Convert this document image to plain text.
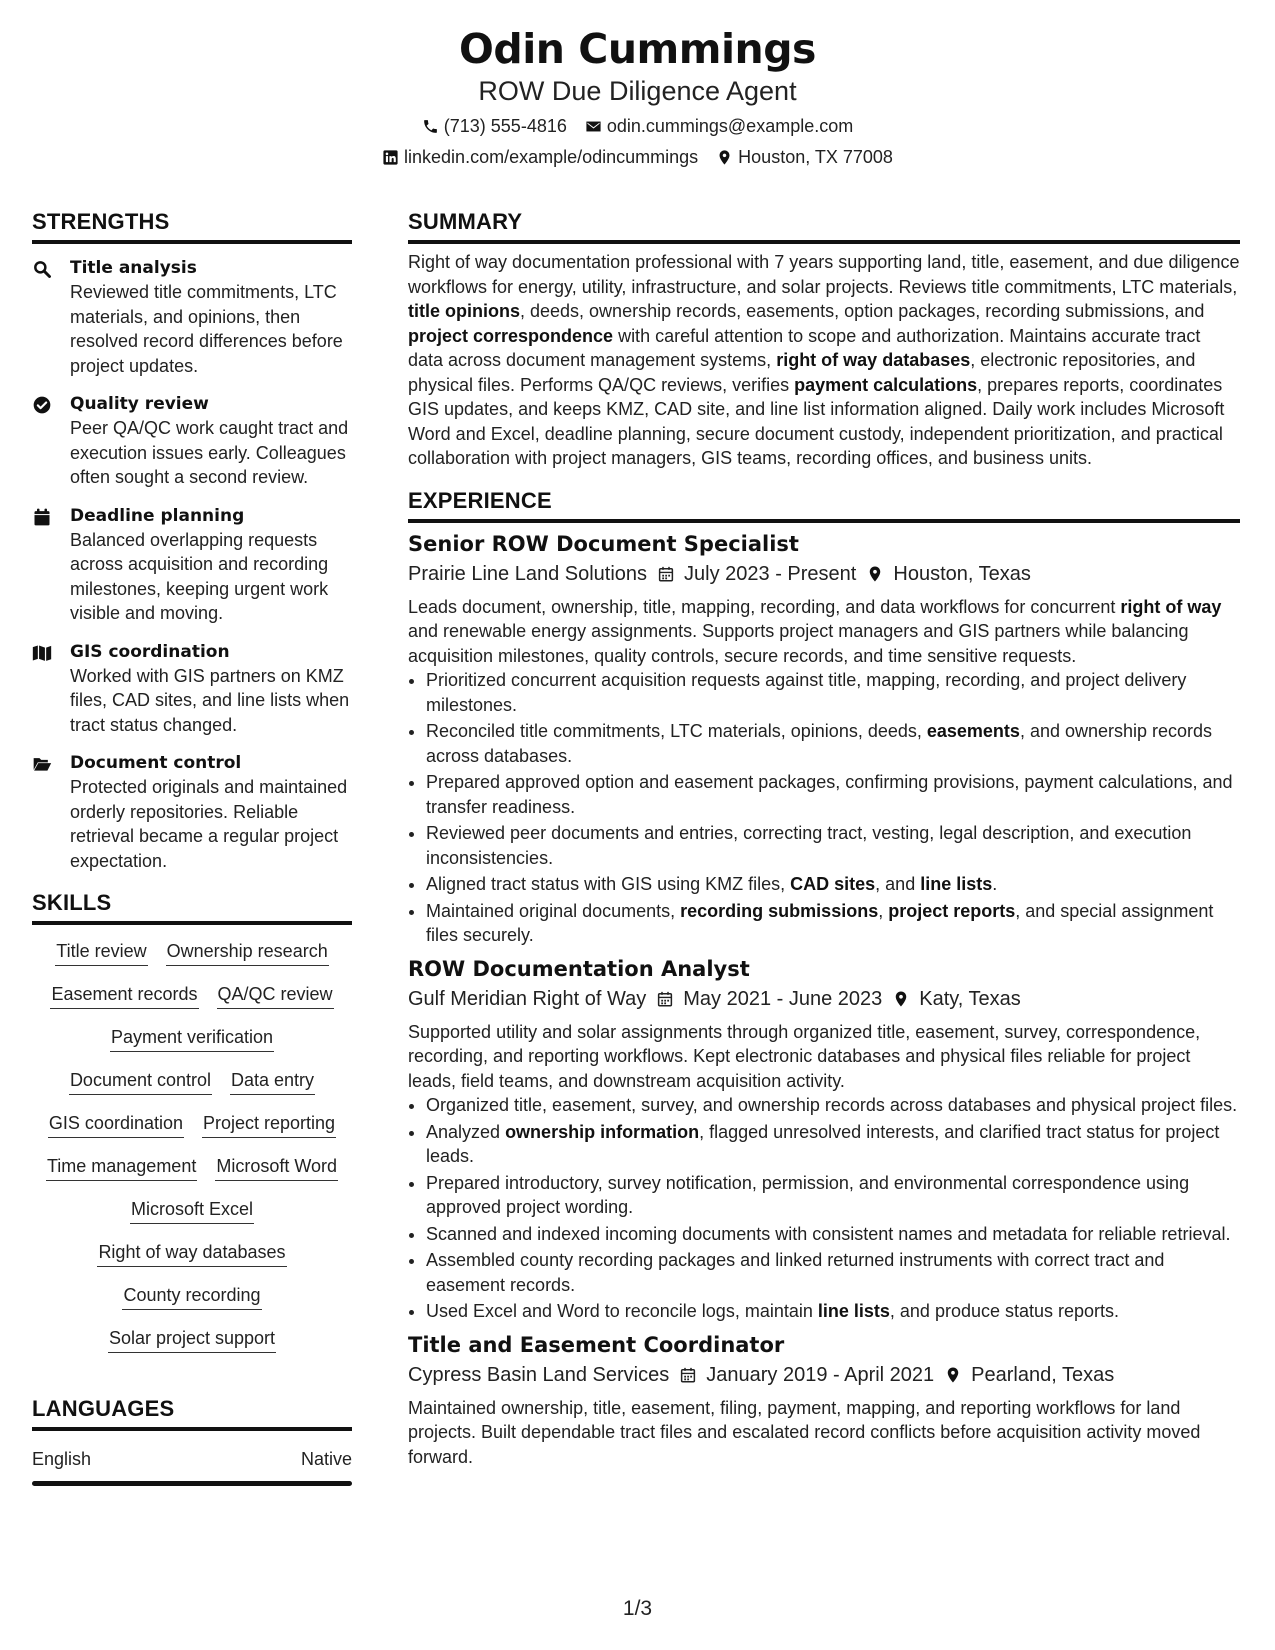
Odin Cummings
ROW Due Diligence Agent
(713) 555-4816 odin.cummings@example.com
linkedin.com/example/odincummings Houston, TX 77008
STRENGTHS
Title analysis
Reviewed title commitments, LTC materials, and opinions, then resolved record differences before project updates.
Quality review
Peer QA/QC work caught tract and execution issues early. Colleagues often sought a second review.
Deadline planning
Balanced overlapping requests across acquisition and recording milestones, keeping urgent work visible and moving.
GIS coordination
Worked with GIS partners on KMZ files, CAD sites, and line lists when tract status changed.
Document control
Protected originals and maintained orderly repositories. Reliable retrieval became a regular project expectation.
SKILLS
Title review Ownership research
Easement records QA/QC review
Payment verification
Document control Data entry
GIS coordination Project reporting
Time management Microsoft Word
Microsoft Excel
Right of way databases
County recording
Solar project support
LANGUAGES
English	Native
SUMMARY
Right of way documentation professional with 7 years supporting land, title, easement, and due diligence workflows for energy, utility, infrastructure, and solar projects. Reviews title commitments, LTC materials, title opinions, deeds, ownership records, easements, option packages, recording submissions, and project correspondence with careful attention to scope and authorization. Maintains accurate tract data across document management systems, right of way databases, electronic repositories, and physical files. Performs QA/QC reviews, verifies payment calculations, prepares reports, coordinates GIS updates, and keeps KMZ, CAD site, and line list information aligned. Daily work includes Microsoft Word and Excel, deadline planning, secure document custody, independent prioritization, and practical collaboration with project managers, GIS teams, recording offices, and business units.
EXPERIENCE
Senior ROW Document Specialist
Prairie Line Land Solutions July 2023 - Present Houston, Texas
Leads document, ownership, title, mapping, recording, and data workflows for concurrent right of way and renewable energy assignments. Supports project managers and GIS partners while balancing acquisition milestones, quality controls, secure records, and time sensitive requests.
• Prioritized concurrent acquisition requests against title, mapping, recording, and project delivery milestones.
• Reconciled title commitments, LTC materials, opinions, deeds, easements, and ownership records across databases.
• Prepared approved option and easement packages, confirming provisions, payment calculations, and transfer readiness.
• Reviewed peer documents and entries, correcting tract, vesting, legal description, and execution inconsistencies.
• Aligned tract status with GIS using KMZ files, CAD sites, and line lists.
• Maintained original documents, recording submissions, project reports, and special assignment files securely.
ROW Documentation Analyst
Gulf Meridian Right of Way May 2021 - June 2023 Katy, Texas
Supported utility and solar assignments through organized title, easement, survey, correspondence, recording, and reporting workflows. Kept electronic databases and physical files reliable for project leads, field teams, and downstream acquisition activity.
• Organized title, easement, survey, and ownership records across databases and physical project files.
• Analyzed ownership information, flagged unresolved interests, and clarified tract status for project leads.
• Prepared introductory, survey notification, permission, and environmental correspondence using approved project wording.
• Scanned and indexed incoming documents with consistent names and metadata for reliable retrieval.
• Assembled county recording packages and linked returned instruments with correct tract and easement records.
• Used Excel and Word to reconcile logs, maintain line lists, and produce status reports.
Title and Easement Coordinator
Cypress Basin Land Services January 2019 - April 2021 Pearland, Texas
Maintained ownership, title, easement, filing, payment, mapping, and reporting workflows for land projects. Built dependable tract files and escalated record conflicts before acquisition activity moved forward.
1/3
